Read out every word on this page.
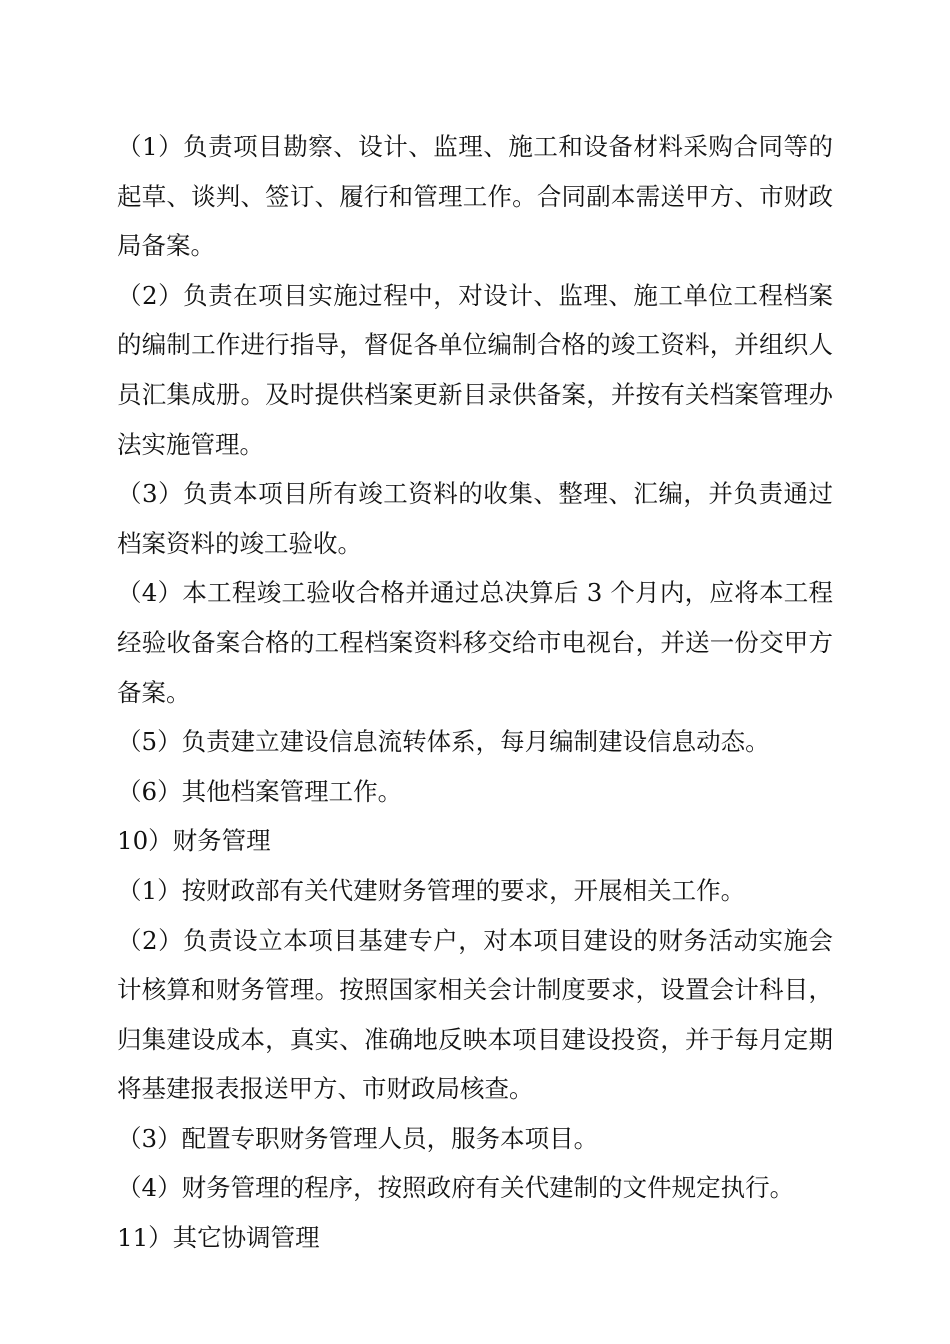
（1）负责项目勘察、设计、监理、施工和设备材料采购合同等的起草、谈判、签订、履行和管理工作。合同副本需送甲方、市财政局备案。

（2）负责在项目实施过程中，对设计、监理、施工单位工程档案的编制工作进行指导，督促各单位编制合格的竣工资料，并组织人员汇集成册。及时提供档案更新目录供备案，并按有关档案管理办法实施管理。

（3）负责本项目所有竣工资料的收集、整理、汇编，并负责通过档案资料的竣工验收。

（4）本工程竣工验收合格并通过总决算后 3 个月内，应将本工程经验收备案合格的工程档案资料移交给市电视台，并送一份交甲方备案。

（5）负责建立建设信息流转体系，每月编制建设信息动态。

（6）其他档案管理工作。

10）财务管理

（1）按财政部有关代建财务管理的要求，开展相关工作。

（2）负责设立本项目基建专户，对本项目建设的财务活动实施会计核算和财务管理。按照国家相关会计制度要求，设置会计科目，归集建设成本，真实、准确地反映本项目建设投资，并于每月定期将基建报表报送甲方、市财政局核查。

（3）配置专职财务管理人员，服务本项目。

（4）财务管理的程序，按照政府有关代建制的文件规定执行。

11）其它协调管理
